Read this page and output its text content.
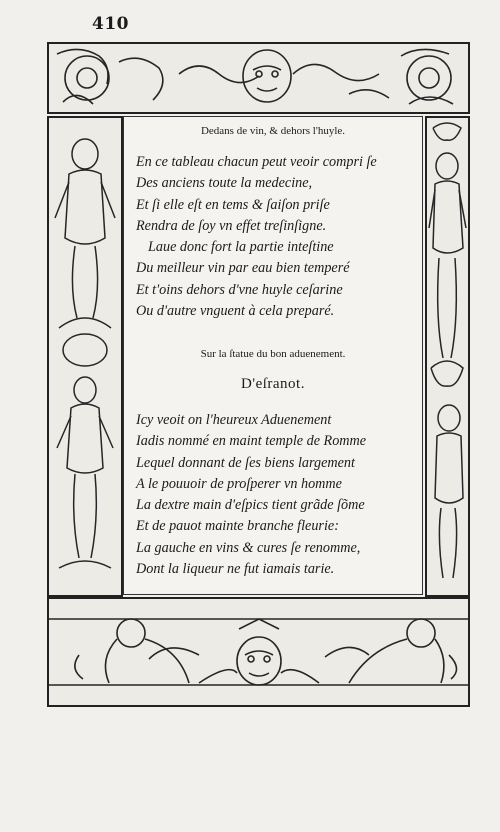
410
Dedans de vin, & dehors l'huyle.
En ce tableau chacun peut veoir compri ſe
Des anciens toute la medecine,
Et ſi elle eſt en tems & ſaiſon priſe
Rendra de ſoy vn effet treſinſigne.
Laue donc fort la partie inteſtine
Du meilleur vin par eau bien temperé
Et t'oins dehors d'vne huyle ceſarine
Ou d'autre vnguent à cela preparé.
Sur la ſtatue du bon aduenement.
D'eſranot.
Icy veoit on l'heureux Aduenement
Iadis nommé en maint temple de Romme
Lequel donnant de ſes biens largement
A le pouuoir de proſperer vn homme
La dextre main d'eſpics tient grãde ſõme
Et de pauot mainte branche fleurie:
La gauche en vins & cures ſe renomme,
Dont la liqueur ne fut iamais tarie.
